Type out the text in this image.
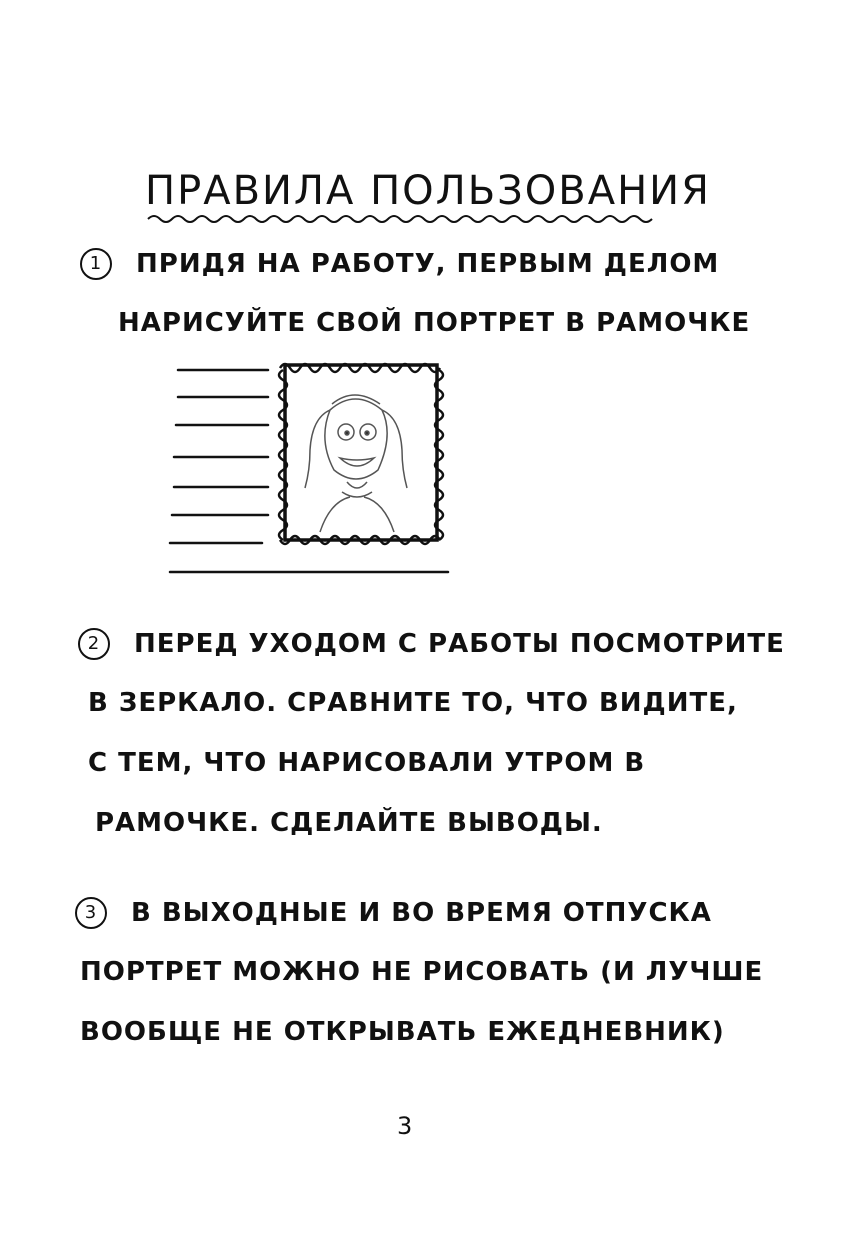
ПРАВИЛА ПОЛЬЗОВАНИЯ
1 ПРИДЯ НА РАБОТУ, ПЕРВЫМ ДЕЛОМ
НАРИСУЙТЕ СВОЙ ПОРТРЕТ В РАМОЧКЕ
2 ПЕРЕД УХОДОМ С РАБОТЫ ПОСМОТРИТЕ
В ЗЕРКАЛО. СРАВНИТЕ ТО, ЧТО ВИДИТЕ,
С ТЕМ, ЧТО НАРИСОВАЛИ УТРОМ В
РАМОЧКЕ. СДЕЛАЙТЕ ВЫВОДЫ.
3 В ВЫХОДНЫЕ И ВО ВРЕМЯ ОТПУСКА
ПОРТРЕТ МОЖНО НЕ РИСОВАТЬ (И ЛУЧШЕ
ВООБЩЕ НЕ ОТКРЫВАТЬ ЕЖЕДНЕВНИК)
3
